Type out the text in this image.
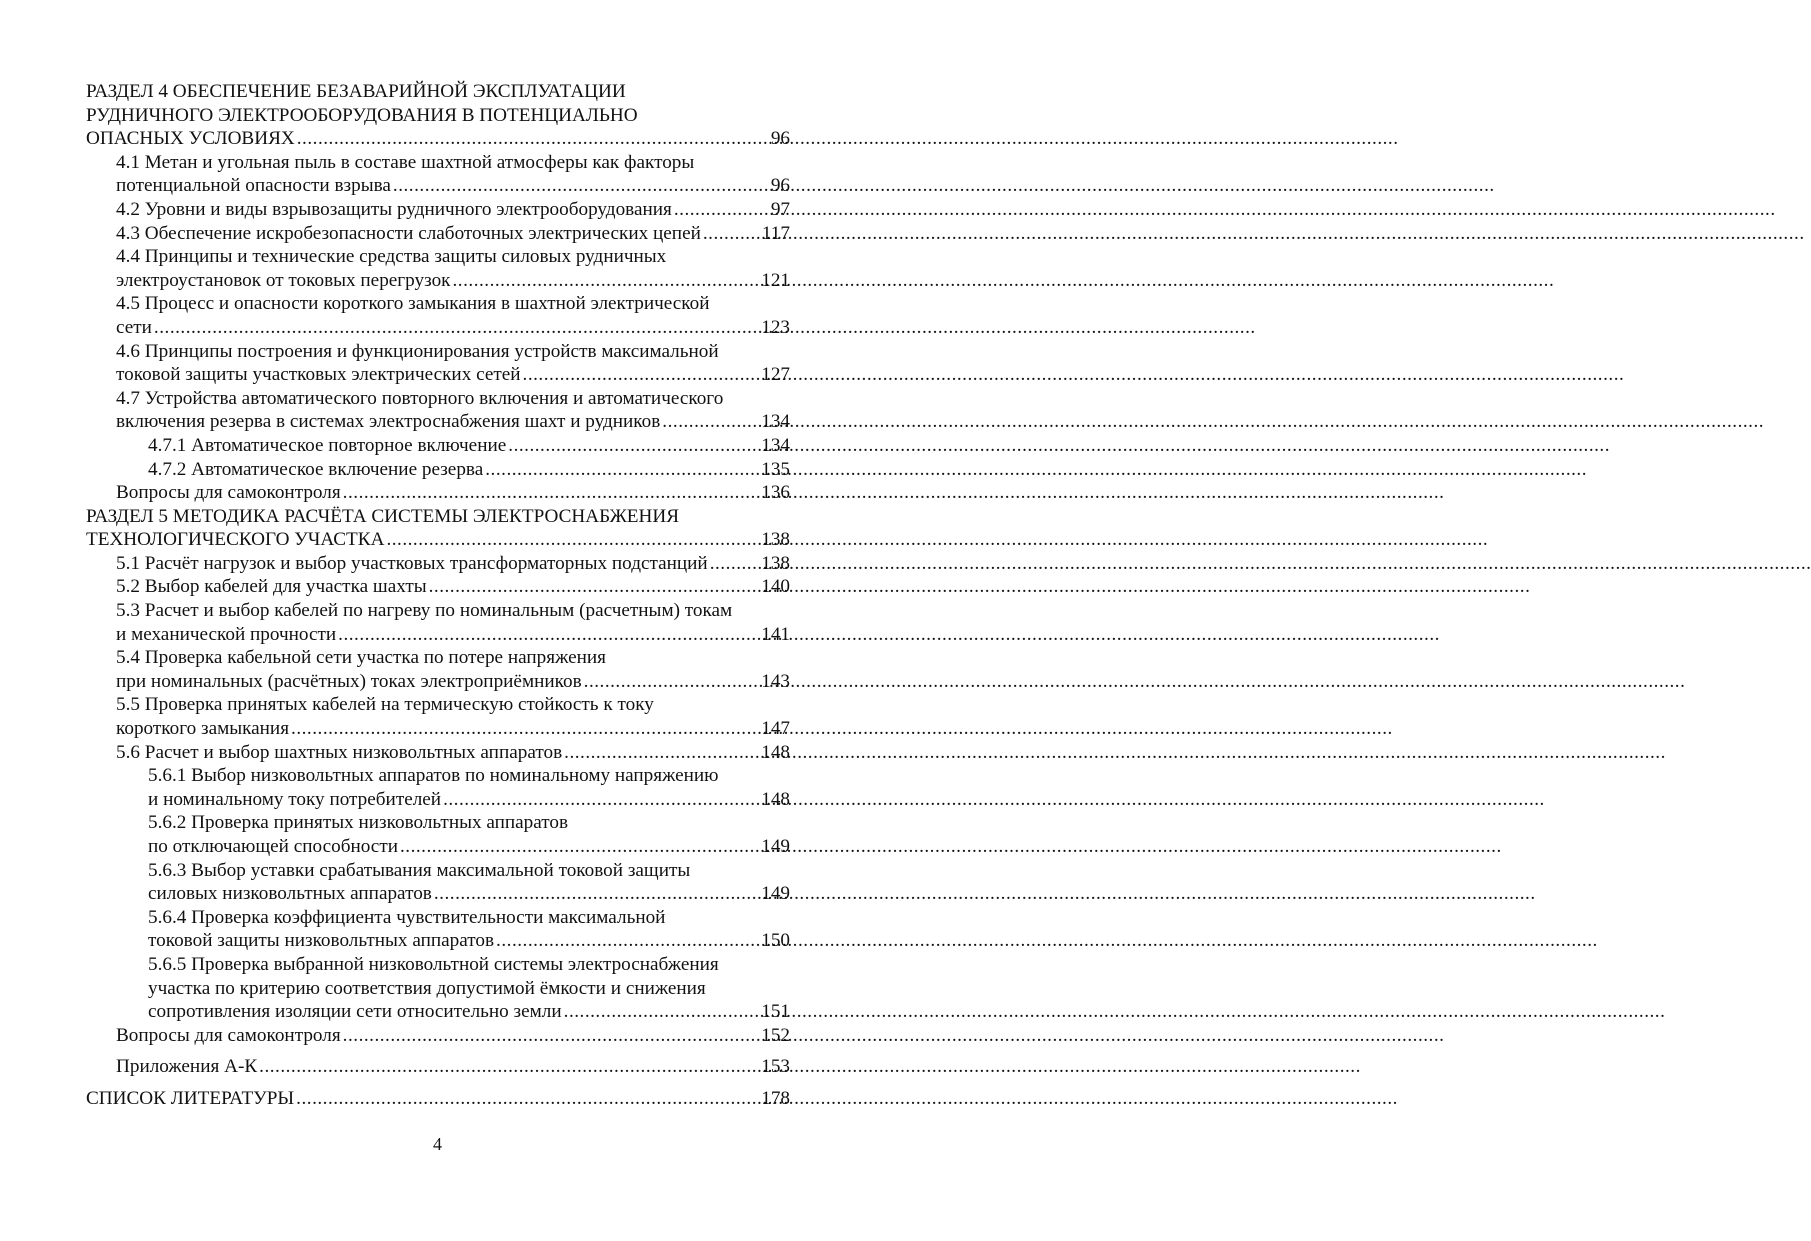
РАЗДЕЛ 4 ОБЕСПЕЧЕНИЕ БЕЗАВАРИЙНОЙ ЭКСПЛУАТАЦИИ
РУДНИЧНОГО ЭЛЕКТРООБОРУДОВАНИЯ В ПОТЕНЦИАЛЬНО
ОПАСНЫХ УСЛОВИЯХ .....	96
4.1 Метан и угольная пыль в составе шахтной атмосферы как факторы
потенциальной опасности взрыва .....	96
4.2 Уровни и виды взрывозащиты рудничного электрооборудования .....	97
4.3 Обеспечение искробезопасности слаботочных электрических цепей .....	117
4.4 Принципы и технические средства защиты силовых рудничных
электроустановок от токовых перегрузок .....	121
4.5 Процесс и опасности короткого замыкания в шахтной электрической
сети .....	123
4.6 Принципы построения и функционирования устройств максимальной
токовой защиты участковых электрических сетей .....	127
4.7 Устройства автоматического повторного включения и автоматического
включения резерва в системах электроснабжения шахт и рудников .....	134
4.7.1 Автоматическое повторное включение .....	134
4.7.2 Автоматическое включение резерва .....	135
Вопросы для самоконтроля .....	136
РАЗДЕЛ 5 МЕТОДИКА РАСЧЁТА СИСТЕМЫ ЭЛЕКТРОСНАБЖЕНИЯ
ТЕХНОЛОГИЧЕСКОГО УЧАСТКА .....	138
5.1 Расчёт нагрузок и выбор участковых трансформаторных подстанций .....	138
5.2 Выбор кабелей для участка шахты .....	140
5.3 Расчет и выбор кабелей по нагреву по номинальным (расчетным) токам
и механической прочности .....	141
5.4 Проверка кабельной сети участка по потере напряжения
при номинальных (расчётных) токах электроприёмников .....	143
5.5 Проверка принятых кабелей на термическую стойкость к току
короткого замыкания .....	147
5.6 Расчет и выбор шахтных низковольтных аппаратов .....	148
5.6.1 Выбор низковольтных аппаратов по номинальному напряжению
и номинальному току потребителей .....	148
5.6.2 Проверка принятых низковольтных аппаратов
по отключающей способности .....	149
5.6.3 Выбор уставки срабатывания максимальной токовой защиты
силовых низковольтных аппаратов .....	149
5.6.4 Проверка коэффициента чувствительности максимальной
токовой защиты низковольтных аппаратов .....	150
5.6.5 Проверка выбранной низковольтной системы электроснабжения
участка по критерию соответствия допустимой ёмкости и снижения
сопротивления изоляции сети относительно земли .....	151
Вопросы для самоконтроля .....	152
Приложения А-К .....	153
СПИСОК ЛИТЕРАТУРЫ .....	178
4
